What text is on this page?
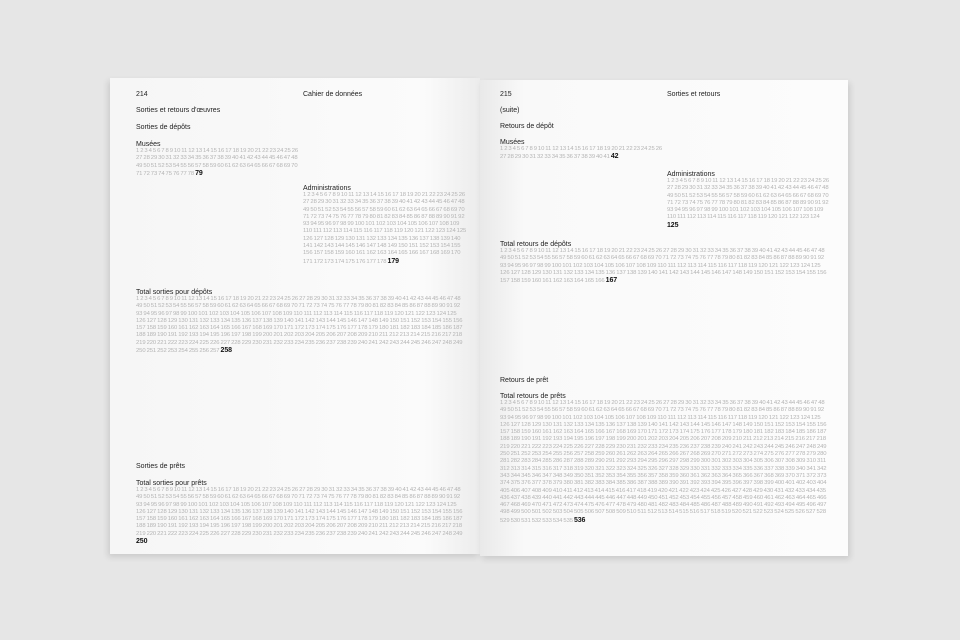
214	Cahier de données
Sorties et retours d'œuvres
Sorties de dépôts
Musées
1 2 3 4 5 6 7 8 9 10 11 12 13 14 15 16 17 18 19 20 21 22 23 24 25 26 27 28 29 30 31 32 33 34 35 36 37 38 39 40 41 42 43 44 45 46 47 48 49 50 51 52 53 54 55 56 57 58 59 60 61 62 63 64 65 66 67 68 69 70 71 72 73 74 75 76 77 78 79
Administrations
1 2 3 4 5 6 7 8 9 10 11 12 13 14 15 16 17 18 19 20 21 22 23 24 25 26 27 28 29 30 31 32 33 34 35 36 37 38 39 40 41 42 43 44 45 46 47 48 49 50 51 52 53 54 55 56 57 58 59 60 61 62 63 64 65 66 67 68 69 70 71 72 73 74 75 76 77 78 79 80 81 82 83 84 85 86 87 88 89 90 91 92 93 94 95 96 97 98 99 100 101 102 103 104 105 106 107 108 109 110 111 112 113 114 115 116 117 118 119 120 121 122 123 124 125 126 127 128 129 130 131 132 133 134 135 136 137 138 139 140 141 142 143 144 145 146 147 148 149 150 151 152 153 154 155 156 157 158 159 160 161 162 163 164 165 166 167 168 169 170 171 172 173 174 175 176 177 178 179
Total sorties pour dépôts
1 2 3 4 5 6 7 8 9 10 11 12 13 14 15 16 17 18 19 20 21 22 23 24 25 26 27 28 29 30 31 32 33 34 35 36 37 38 39 40 41 42 43 44 45 46 47 48 49 50 51 52 53 54 55 56 57 58 59 60 61 62 63 64 65 66 67 68 69 70 71 72 73 74 75 76 77 78 79 80 81 82 83 84 85 86 87 88 89 90 91 92 93 94 95 96 97 98 99 100 101 102 103 104 105 106 107 108 109 110 111 112 113 114 115 116 117 118 119 120 121 122 123 124 125 126 127 128 129 130 131 132 133 134 135 136 137 138 139 140 141 142 143 144 145 146 147 148 149 150 151 152 153 154 155 156 157 158 159 160 161 162 163 164 165 166 167 168 169 170 171 172 173 174 175 176 177 178 179 180 181 182 183 184 185 186 187 188 189 190 191 192 193 194 195 196 197 198 199 200 201 202 203 204 205 206 207 208 209 210 211 212 213 214 215 216 217 218 219 220 221 222 223 224 225 226 227 228 229 230 231 232 233 234 235 236 237 238 239 240 241 242 243 244 245 246 247 248 249 250 251 252 253 254 255 256 257 258
Sorties de prêts
Total sorties pour prêts
1 2 3 4 5 6 7 8 9 10 11 12 13 14 15 16 17 18 19 20 21 22 23 24 25 26 27 28 29 30 31 32 33 34 35 36 37 38 39 40 41 42 43 44 45 46 47 48 49 50 51 52 53 54 55 56 57 58 59 60 61 62 63 64 65 66 67 68 69 70 71 72 73 74 75 76 77 78 79 80 81 82 83 84 85 86 87 88 89 90 91 92 93 94 95 96 97 98 99 100 101 102 103 104 105 106 107 108 109 110 111 112 113 114 115 116 117 118 119 120 121 122 123 124 125 126 127 128 129 130 131 132 133 134 135 136 137 138 139 140 141 142 143 144 145 146 147 148 149 150 151 152 153 154 155 156 157 158 159 160 161 162 163 164 165 166 167 168 169 170 171 172 173 174 175 176 177 178 179 180 181 182 183 184 185 186 187 188 189 190 191 192 193 194 195 196 197 198 199 200 201 202 203 204 205 206 207 208 209 210 211 212 213 214 215 216 217 218 219 220 221 222 223 224 225 226 227 228 229 230 231 232 233 234 235 236 237 238 239 240 241 242 243 244 245 246 247 248 249 250
215	Sorties et retours
(suite)
Retours de dépôt
Musées
1 2 3 4 5 6 7 8 9 10 11 12 13 14 15 16 17 18 19 20 21 22 23 24 25 26 27 28 29 30 31 32 33 34 35 36 37 38 39 40 41 42
Administrations
1 2 3 4 5 6 7 8 9 10 11 12 13 14 15 16 17 18 19 20 21 22 23 24 25 26 27 28 29 30 31 32 33 34 35 36 37 38 39 40 41 42 43 44 45 46 47 48 49 50 51 52 53 54 55 56 57 58 59 60 61 62 63 64 65 66 67 68 69 70 71 72 73 74 75 76 77 78 79 80 81 82 83 84 85 86 87 88 89 90 91 92 93 94 95 96 97 98 99 100 101 102 103 104 105 106 107 108 109 110 111 112 113 114 115 116 117 118 119 120 121 122 123 124 125
Total retours de dépôts
1 2 3 4 5 6 7 8 9 10 11 12 13 14 15 16 17 18 19 20 21 22 23 24 25 26 27 28 29 30 31 32 33 34 35 36 37 38 39 40 41 42 43 44 45 46 47 48 49 50 51 52 53 54 55 56 57 58 59 60 61 62 63 64 65 66 67 68 69 70 71 72 73 74 75 76 77 78 79 80 81 82 83 84 85 86 87 88 89 90 91 92 93 94 95 96 97 98 99 100 101 102 103 104 105 106 107 108 109 110 111 112 113 114 115 116 117 118 119 120 121 122 123 124 125 126 127 128 129 130 131 132 133 134 135 136 137 138 139 140 141 142 143 144 145 146 147 148 149 150 151 152 153 154 155 156 157 158 159 160 161 162 163 164 165 166 167
Retours de prêt
Total retours de prêts
1 2 3 4 5 6 7 8 9 10 11 12 13 14 15 16 17 18 19 20 21 22 23 24 25 26 27 28 29 30 31 32 33 34 35 36 37 38 39 40 41 42 43 44 45 46 47 48 49 50 51 52 53 54 55 56 57 58 59 60 61 62 63 64 65 66 67 68 69 70 71 72 73 74 75 76 77 78 79 80 81 82 83 84 85 86 87 88 89 90 91 92 93 94 95 96 97 98 99 100 101 102 103 104 105 106 107 108 109 110 111 112 113 114 115 116 117 118 119 120 121 122 123 124 125 126 127 128 129 130 131 132 133 134 135 136 137 138 139 140 141 142 143 144 145 146 147 148 149 150 151 152 153 154 155 156 157 158 159 160 161 162 163 164 165 166 167 168 169 170 171 172 173 174 175 176 177 178 179 180 181 182 183 184 185 186 187 188 189 190 191 192 193 194 195 196 197 198 199 200 201 202 203 204 205 206 207 208 209 210 211 212 213 214 215 216 217 218 219 220 221 222 223 224 225 226 227 228 229 230 231 232 233 234 235 236 237 238 239 240 241 242 243 244 245 246 247 248 249 250 251 252 253 254 255 256 257 258 259 260 261 262 263 264 265 266 267 268 269 270 271 272 273 274 275 276 277 278 279 280 281 282 283 284 285 286 287 288 289 290 291 292 293 294 295 296 297 298 299 300 301 302 303 304 305 306 307 308 309 310 311 312 313 314 315 316 317 318 319 320 321 322 323 324 325 326 327 328 329 330 331 332 333 334 335 336 337 338 339 340 341 342 343 344 345 346 347 348 349 350 351 352 353 354 355 356 357 358 359 360 361 362 363 364 365 366 367 368 369 370 371 372 373 374 375 376 377 378 379 380 381 382 383 384 385 386 387 388 389 390 391 392 393 394 395 396 397 398 399 400 401 402 403 404 405 406 407 408 409 410 411 412 413 414 415 416 417 418 419 420 421 422 423 424 425 426 427 428 429 430 431 432 433 434 435 436 437 438 439 440 441 442 443 444 445 446 447 448 449 450 451 452 453 454 455 456 457 458 459 460 461 462 463 464 465 466 467 468 469 470 471 472 473 474 475 476 477 478 479 480 481 482 483 484 485 486 487 488 489 490 491 492 493 494 495 496 497 498 499 500 501 502 503 504 505 506 507 508 509 510 511 512 513 514 515 516 517 518 519 520 521 522 523 524 525 526 527 528 529 530 531 532 533 534 535 536
